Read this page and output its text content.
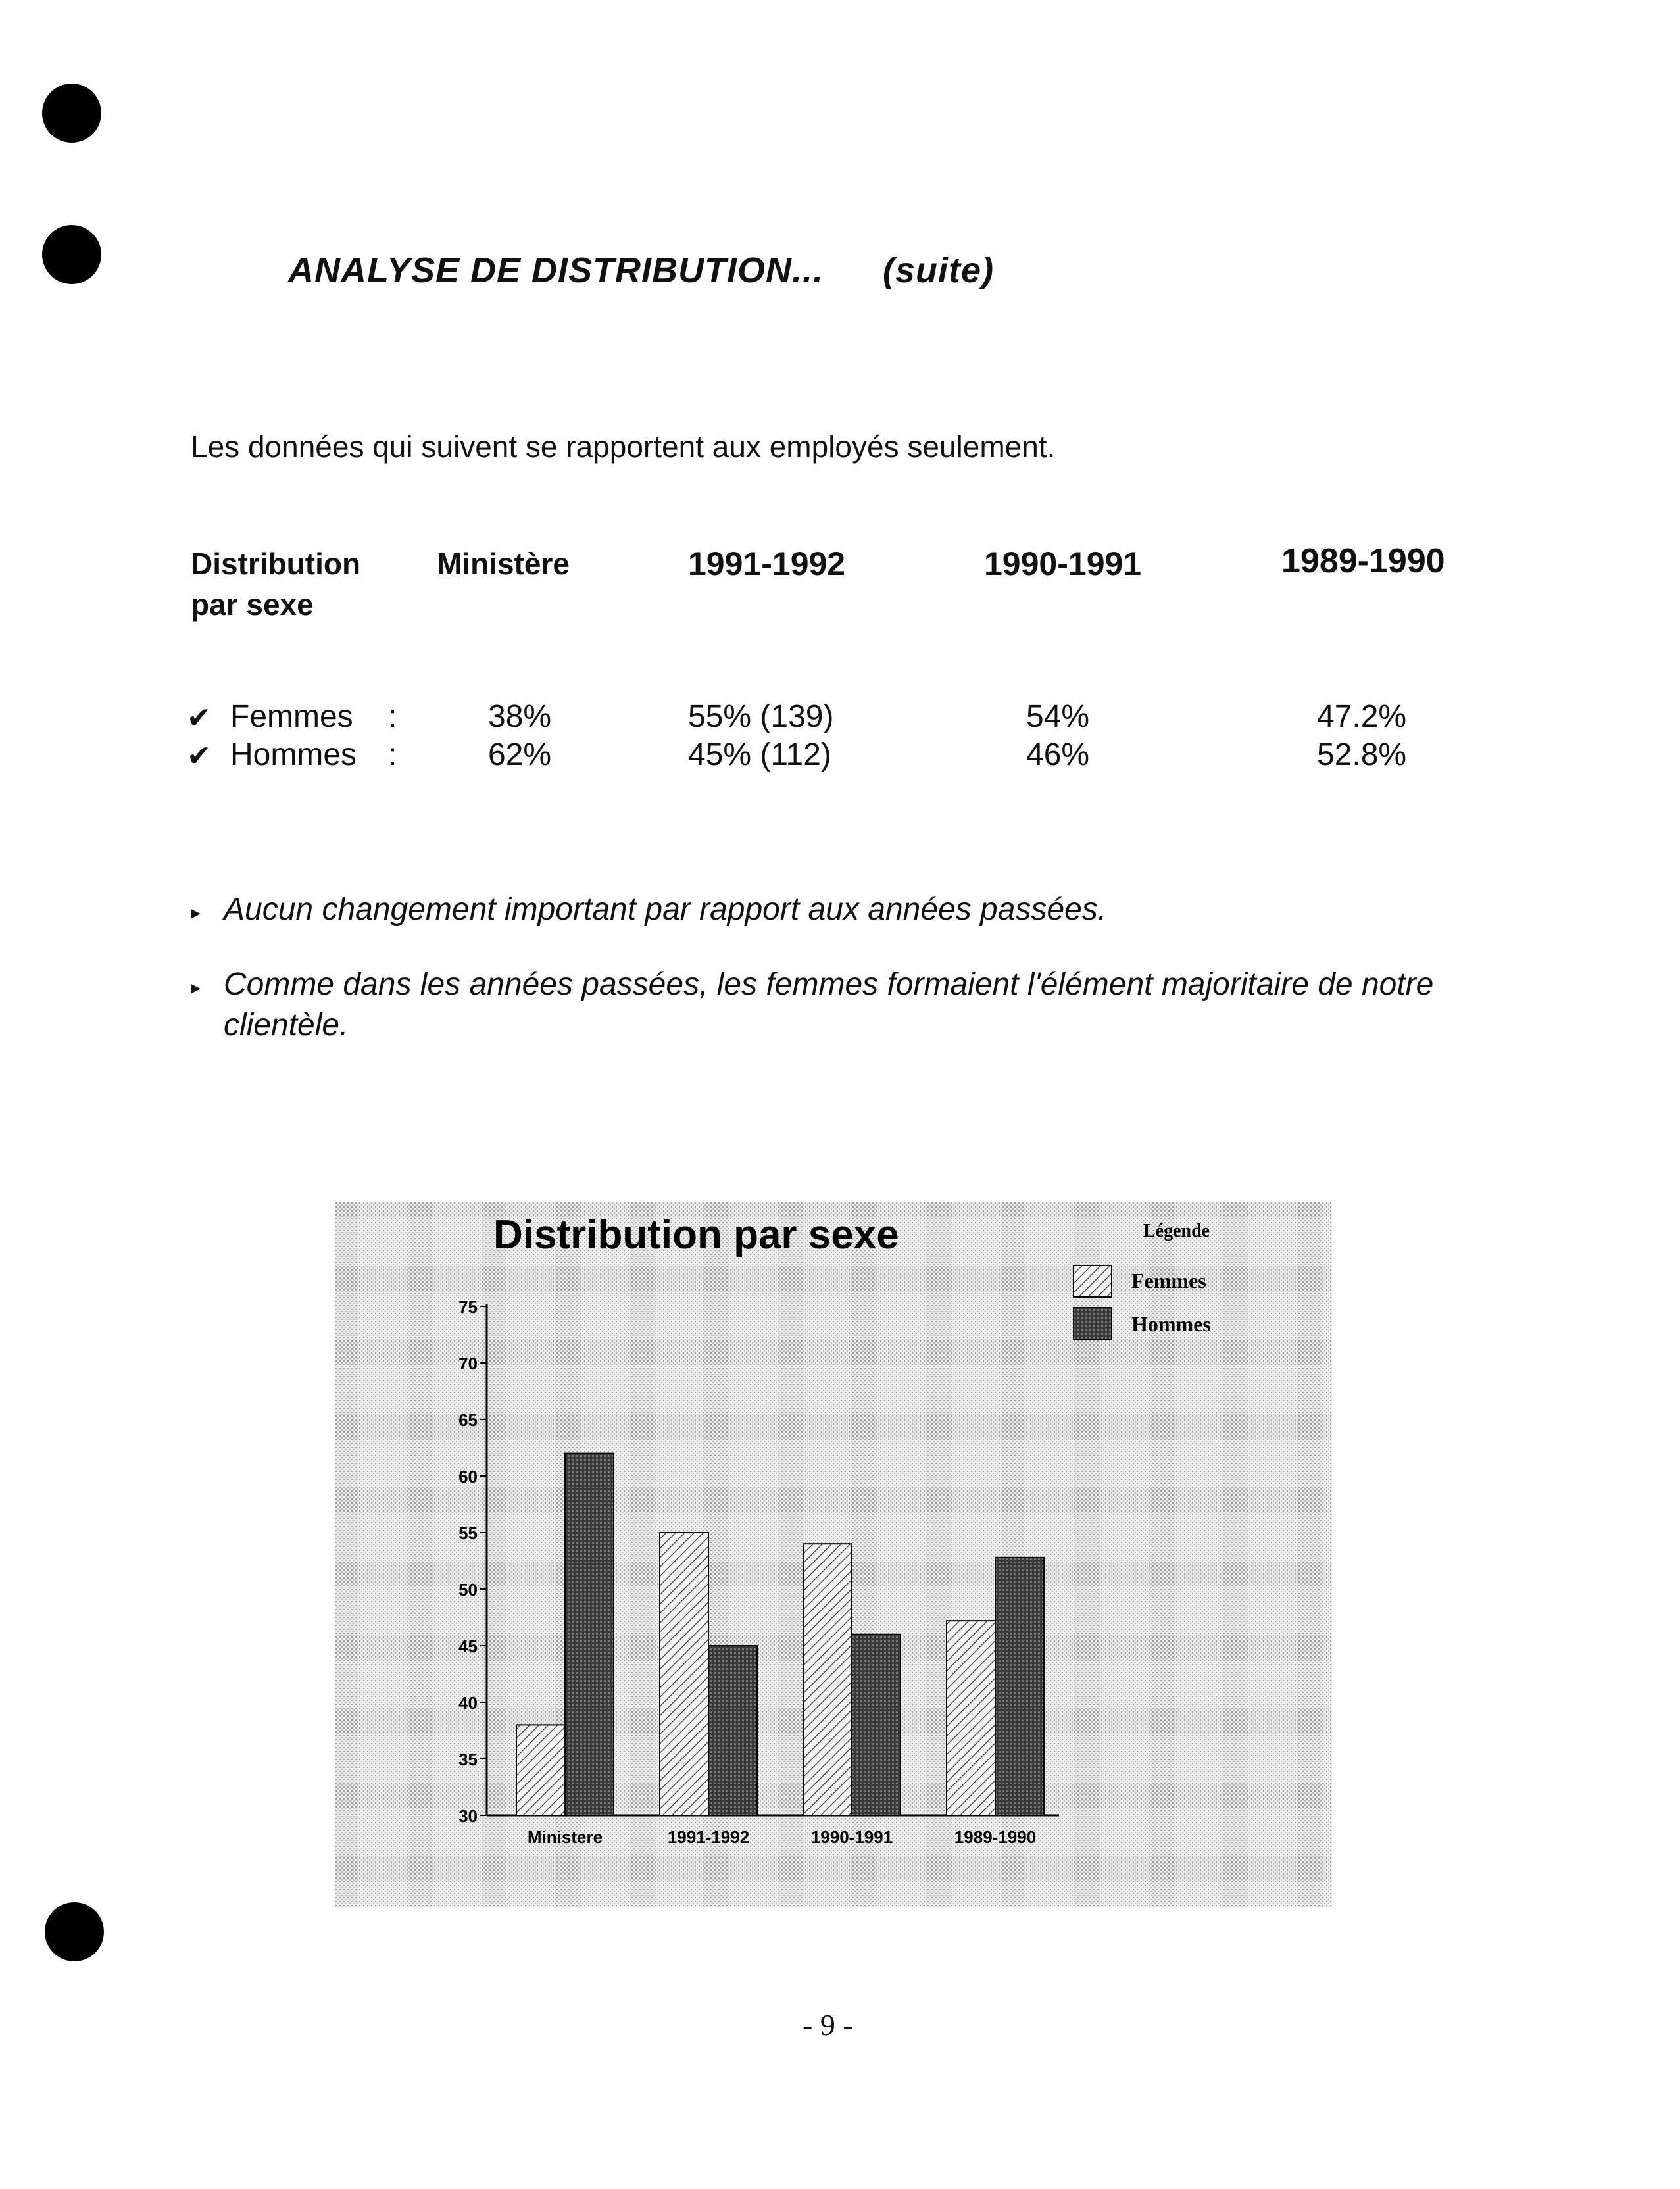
ANALYSE DE DISTRIBUTION... (suite)
Les données qui suivent se rapportent aux employés seulement.
Distribution
par sexe
Ministère	1991-1992	1990-1991	1989-1990
✔ Femmes :	38%	55% (139)	54%	47.2%
✔ Hommes :	62%	45% (112)	46%	52.8%
▸ Aucun changement important par rapport aux années passées.
▸ Comme dans les années passées, les femmes formaient l'élément majoritaire de notre clientèle.
Distribution par sexe	Légende
Femmes
Hommes
30
35
40
45
50
55
60
65
70
75
Ministere	1991-1992	1990-1991	1989-1990
- 9 -
